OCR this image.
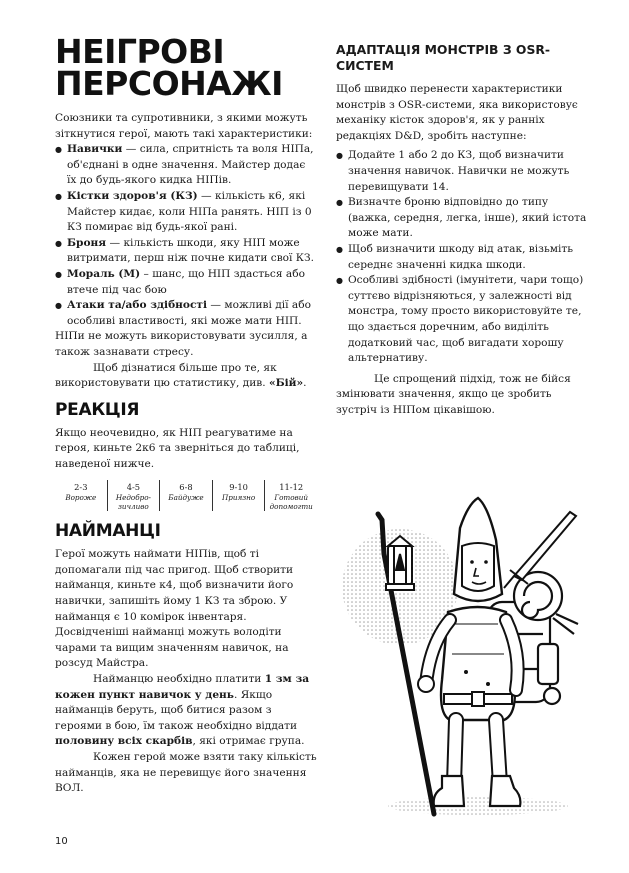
НЕІГРОВІ
ПЕРСОНАЖІ

Союзники та супротивники, з якими можуть зіткнутися герої, мають такі характеристики:

● Навички — сила, спритність та воля НІПа, об'єднані в одне значення. Майстер додає їх до будь-якого кидка НІПів.
● Кістки здоров'я (КЗ) — кількість к6, які Майстер кидає, коли НІПа ранять. НІП із 0 КЗ помирає від будь-якої рані.
● Броня — кількість шкоди, яку НІП може витримати, перш ніж почне кидати свої КЗ.
● Мораль (М) – шанс, що НІП здасться або втече під час бою
● Атаки та/або здібності — можливі дії або особливі властивості, які може мати НІП.

НІПи не можуть використовувати зусилля, а також зазнавати стресу.

Щоб дізнатися більше про те, як використовувати цю статистику, див. «Бій».

РЕАКЦІЯ

Якщо неочевидно, як НІП реагуватиме на героя, киньте 2к6 та зверніться до таблиці, наведеної нижче.

2-3
Вороже
4-5
Недобро-зичливо
6-8
Байдуже
9-10
Приязно
11-12
Готовий допомогти
НАЙМАНЦІ

Герої можуть наймати НІПів, щоб ті допомагали під час пригод. Щоб створити найманця, киньте к4, щоб визначити його навички, запишіть йому 1 КЗ та зброю. У найманця є 10 комірок інвентаря. Досвідченіші найманці можуть володіти чарами та вищим значенням навичок, на розсуд Майстра.

Найманцю необхідно платити 1 зм за кожен пункт навичок у день. Якщо найманців беруть, щоб битися разом з героями в бою, їм також необхідно віддати половину всіх скарбів, які отримає група.

Кожен герой може взяти таку кількість найманців, яка не перевищує його значення ВОЛ.

АДАПТАЦІЯ МОНСТРІВ З OSR-СИСТЕМ

Щоб швидко перенести характеристики монстрів з OSR-системи, яка використовує механіку кісток здоров'я, як у ранніх редакціях D&D, зробіть наступне:

● Додайте 1 або 2 до КЗ, щоб визначити значення навичок. Навички не можуть перевищувати 14.
● Визначте броню відповідно до типу (важка, середня, легка, інше), який істота може мати.
● Щоб визначити шкоду від атак, візьміть середнє значенні кидка шкоди.
● Особливі здібності (імунітети, чари тощо) суттєво відрізняються, у залежності від монстра, тому просто використовуйте те, що здається доречним, або виділіть додатковий час, щоб вигадати хорошу альтернативу.

Це спрощений підхід, тож не бійся змінювати значення, якщо це зробить зустріч із НІПом цікавішою.

10
